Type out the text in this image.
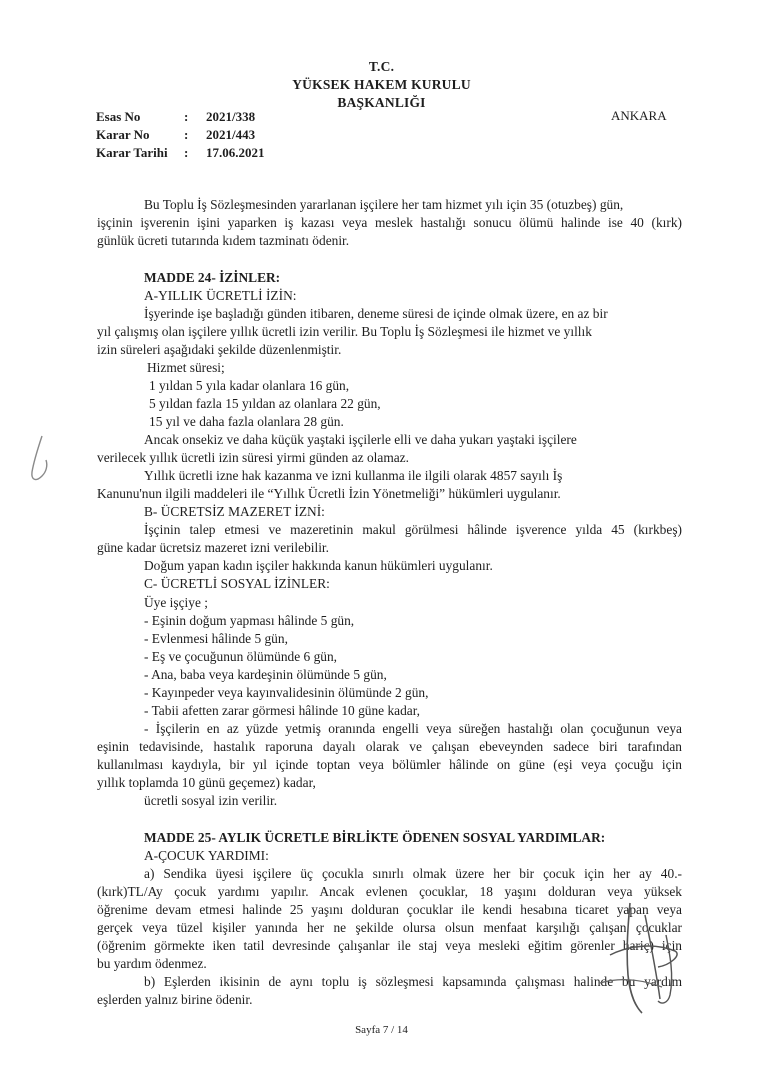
T.C.
YÜKSEK HAKEM KURULU
BAŞKANLIĞI
Esas No	:	2021/338
Karar No	:	2021/443
Karar Tarihi	:	17.06.2021
ANKARA
Bu Toplu İş Sözleşmesinden yararlanan işçilere her tam hizmet yılı için 35 (otuzbeş) gün,
işçinin işverenin işini yaparken iş kazası veya meslek hastalığı sonucu ölümü halinde ise 40 (kırk)
günlük ücreti tutarında kıdem tazminatı ödenir.
MADDE 24- İZİNLER:
A-YILLIK ÜCRETLİ İZİN:
İşyerinde işe başladığı günden itibaren, deneme süresi de içinde olmak üzere, en az bir
yıl çalışmış olan işçilere yıllık ücretli izin verilir. Bu Toplu İş Sözleşmesi ile hizmet ve yıllık
izin süreleri aşağıdaki şekilde düzenlenmiştir.
Hizmet süresi;
1 yıldan 5 yıla kadar olanlara 16 gün,
5 yıldan fazla 15 yıldan az olanlara 22 gün,
15 yıl ve daha fazla olanlara 28 gün.
Ancak onsekiz ve daha küçük yaştaki işçilerle elli ve daha yukarı yaştaki işçilere
verilecek yıllık ücretli izin süresi yirmi günden az olamaz.
Yıllık ücretli izne hak kazanma ve izni kullanma ile ilgili olarak 4857 sayılı İş
Kanunu'nun ilgili maddeleri ile “Yıllık Ücretli İzin Yönetmeliği” hükümleri uygulanır.
B- ÜCRETSİZ MAZERET İZNİ:
İşçinin talep etmesi ve mazeretinin makul görülmesi hâlinde işverence yılda 45 (kırkbeş)
güne kadar ücretsiz mazeret izni verilebilir.
Doğum yapan kadın işçiler hakkında kanun hükümleri uygulanır.
C- ÜCRETLİ SOSYAL İZİNLER:
Üye işçiye ;
- Eşinin doğum yapması hâlinde 5 gün,
- Evlenmesi hâlinde 5 gün,
- Eş ve çocuğunun ölümünde 6 gün,
- Ana, baba veya kardeşinin ölümünde 5 gün,
- Kayınpeder veya kayınvalidesinin ölümünde 2 gün,
- Tabii afetten zarar görmesi hâlinde 10 güne kadar,
- İşçilerin en az yüzde yetmiş oranında engelli veya süreğen hastalığı olan çocuğunun veya
eşinin tedavisinde, hastalık raporuna dayalı olarak ve çalışan ebeveynden sadece biri tarafından
kullanılması kaydıyla, bir yıl içinde toptan veya bölümler hâlinde on güne (eşi veya çocuğu için
yıllık toplamda 10 günü geçemez) kadar,
ücretli sosyal izin verilir.
MADDE 25- AYLIK ÜCRETLE BİRLİKTE ÖDENEN SOSYAL YARDIMLAR:
A-ÇOCUK YARDIMI:
a) Sendika üyesi işçilere üç çocukla sınırlı olmak üzere her bir çocuk için her ay 40.-
(kırk)TL/Ay çocuk yardımı yapılır. Ancak evlenen çocuklar, 18 yaşını dolduran veya yüksek
öğrenime devam etmesi halinde 25 yaşını dolduran çocuklar ile kendi hesabına ticaret yapan veya
gerçek veya tüzel kişiler yanında her ne şekilde olursa olsun menfaat karşılığı çalışan çocuklar
(öğrenim görmekte iken tatil devresinde çalışanlar ile staj veya mesleki eğitim görenler hariç) için
bu yardım ödenmez.
b) Eşlerden ikisinin de aynı toplu iş sözleşmesi kapsamında çalışması halinde bu yardım
eşlerden yalnız birine ödenir.
Sayfa 7 / 14
